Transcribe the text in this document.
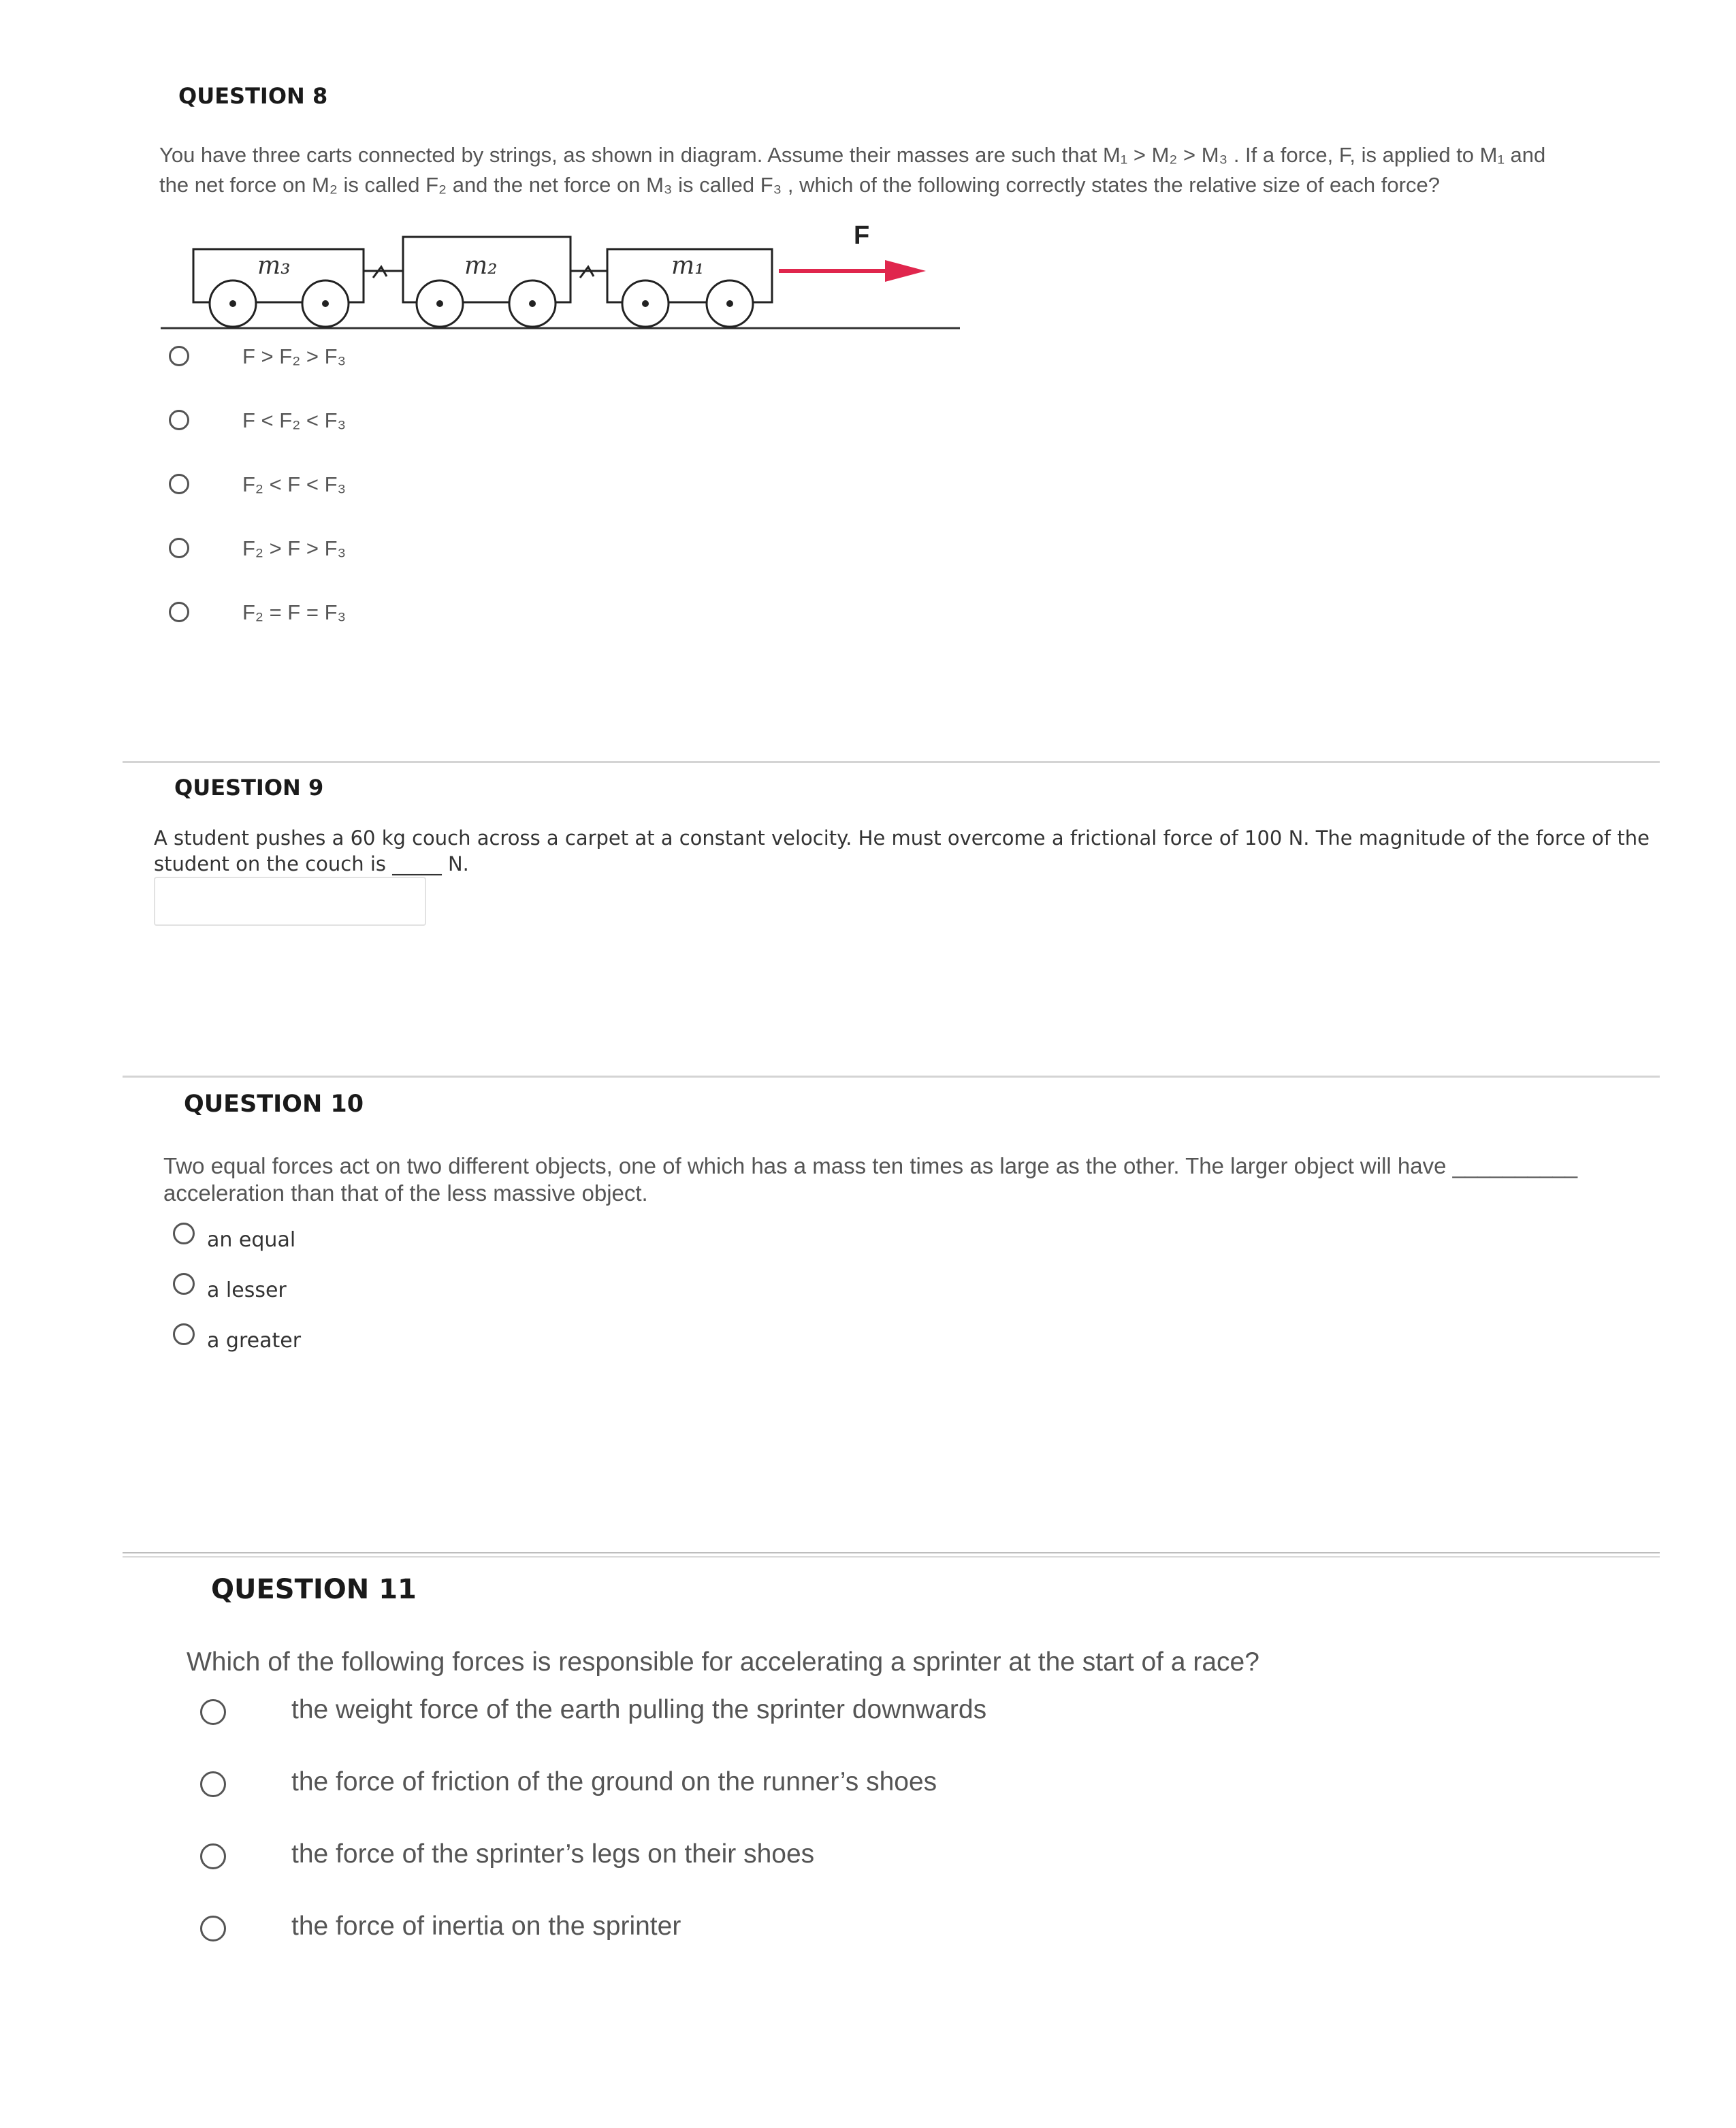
QUESTION 8
You have three carts connected by strings, as shown in diagram. Assume their masses are such that M₁ > M₂ > M₃ . If a force, F, is applied to M₁ and
the net force on M₂ is called F₂ and the net force on M₃ is called F₃ , which of the following correctly states the relative size of each force?
m₃	m₂	m₁
F
F > F₂ > F₃
F < F₂ < F₃
F₂ < F < F₃
F₂ > F > F₃
F₂ = F = F₃
QUESTION 9
A student pushes a 60 kg couch across a carpet at a constant velocity. He must overcome a frictional force of 100 N. The magnitude of the force of the
student on the couch is _____ N.
QUESTION 10
Two equal forces act on two different objects, one of which has a mass ten times as large as the other. The larger object will have __________
acceleration than that of the less massive object.
an equal
a lesser
a greater
QUESTION 11
Which of the following forces is responsible for accelerating a sprinter at the start of a race?
the weight force of the earth pulling the sprinter downwards
the force of friction of the ground on the runner’s shoes
the force of the sprinter’s legs on their shoes
the force of inertia on the sprinter
